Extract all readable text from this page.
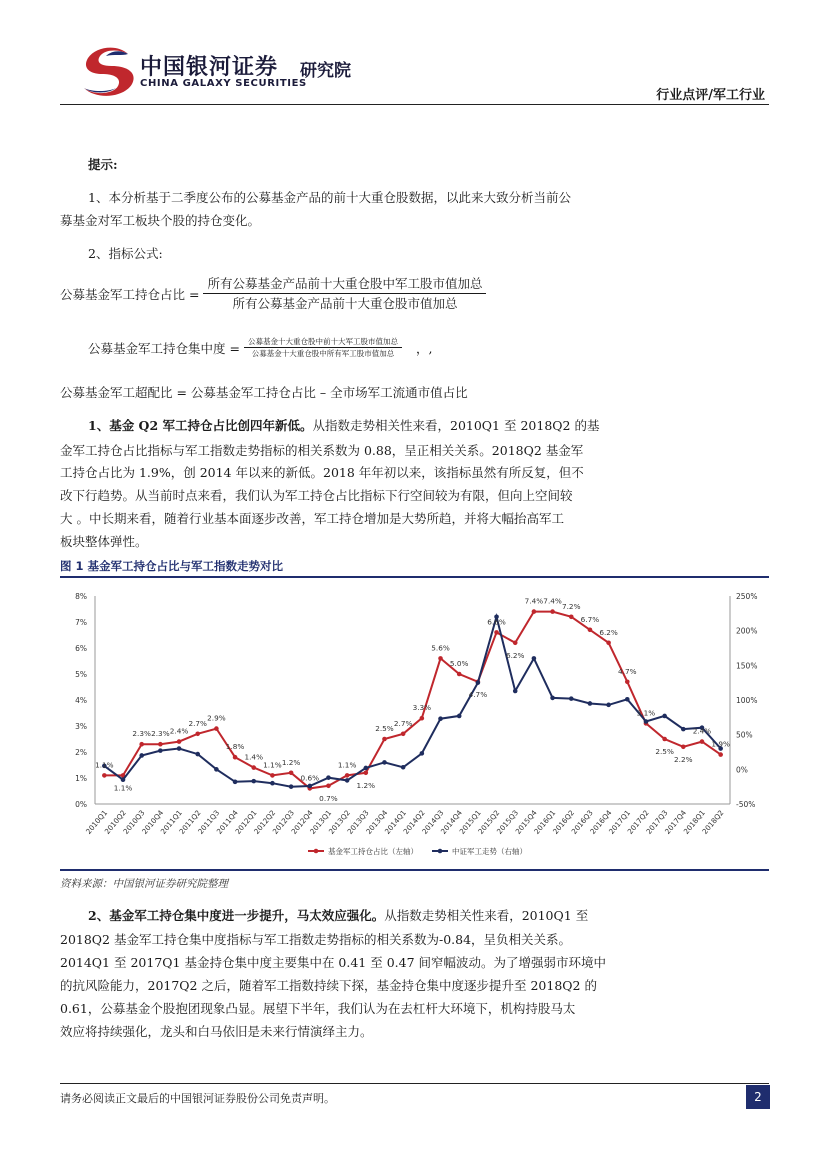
中国银河证券 研究院
CHINA GALAXY SECURITIES
行业点评/军工行业
提示:
1、本分析基于二季度公布的公募基金产品的前十大重仓股数据，以此来大致分析当前公
募基金对军工板块个股的持仓变化。
2、指标公式:
公募基金军工持仓占比 = $\frac{\text{所有公募基金产品前十大重仓股中军工股市值加总}}{\text{所有公募基金产品前十大重仓股市值加总}}$
公募基金军工持仓集中度 = $\frac{\text{公募基金十大重仓股中前十大军工股市值加总}}{\text{公募基金十大重仓股中所有军工股市值加总}}$ ，,
公募基金军工超配比 = 公募基金军工持仓占比 – 全市场军工流通市值占比
1、基金 Q2 军工持仓占比创四年新低。从指数走势相关性来看，2010Q1 至 2018Q2 的基
金军工持仓占比指标与军工指数走势指标的相关系数为 0.88，呈正相关关系。2018Q2 基金军
工持仓占比为 1.9%，创 2014 年以来的新低。2018 年年初以来，该指标虽然有所反复，但不
改下行趋势。从当前时点来看，我们认为军工持仓占比指标下行空间较为有限，但向上空间较
大 。中长期来看，随着行业基本面逐步改善，军工持仓增加是大势所趋，并将大幅抬高军工
板块整体弹性。
图 1 基金军工持仓占比与军工指数走势对比
0%
1%
2%
3%
4%
5%
6%
7%
8%
-50%
0%
50%
100%
150%
200%
250%
2010Q1
2010Q2
2010Q3
2010Q4
2011Q1
2011Q2
2011Q3
2011Q4
2012Q1
2012Q2
2012Q3
2012Q4
2013Q1
2013Q2
2013Q3
2013Q4
2014Q1
2014Q2
2014Q3
2014Q4
2015Q1
2015Q2
2015Q3
2015Q4
2016Q1
2016Q2
2016Q3
2016Q4
2017Q1
2017Q2
2017Q3
2017Q4
2018Q1
2018Q2
1.1%
1.1%
2.3% 2.3% 2.4%
2.7%
2.9%
1.8%
1.4%
1.1% 1.2%
0.6%
0.7%
1.1%
1.2%
2.5%
2.7%
3.3%
5.6%
5.0%
4.7%
6.6%
6.2%
7.4% 7.4%
7.2%
6.7%
6.2%
4.7%
3.1%
2.5%
2.2%
2.4%
1.9%
基金军工持仓占比（左轴）	中证军工走势（右轴）
资料来源：中国银河证券研究院整理
2、基金军工持仓集中度进一步提升，马太效应强化。从指数走势相关性来看，2010Q1 至
2018Q2 基金军工持仓集中度指标与军工指数走势指标的相关系数为-0.84，呈负相关关系。
2014Q1 至 2017Q1 基金持仓集中度主要集中在 0.41 至 0.47 间窄幅波动。为了增强弱市环境中
的抗风险能力，2017Q2 之后，随着军工指数持续下探，基金持仓集中度逐步提升至 2018Q2 的
0.61，公募基金个股抱团现象凸显。展望下半年，我们认为在去杠杆大环境下，机构持股马太
效应将持续强化，龙头和白马依旧是未来行情演绎主力。
请务必阅读正文最后的中国银河证券股份公司免责声明。	2
